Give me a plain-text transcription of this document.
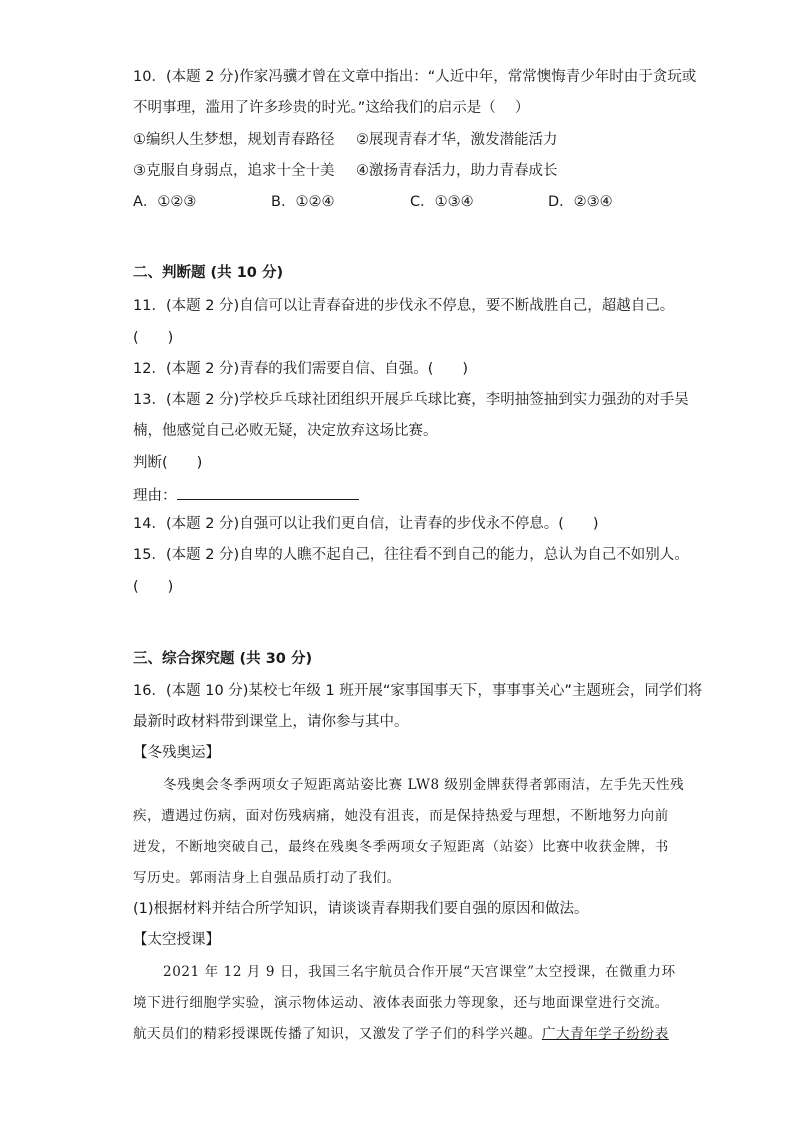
10．(本题 2 分)作家冯骥才曾在文章中指出：“人近中年，常常懊悔青少年时由于贪玩或
不明事理，滥用了许多珍贵的时光。”这给我们的启示是（　 ）
①编织人生梦想，规划青春路径 ②展现青春才华，激发潜能活力
③克服自身弱点，追求十全十美 ④激扬青春活力，助力青春成长
A．①②③	B．①②④	C．①③④	D．②③④
二、判断题 (共 10 分)
11．(本题 2 分)自信可以让青春奋进的步伐永不停息，要不断战胜自己，超越自己。
(　　)
12．(本题 2 分)青春的我们需要自信、自强。(　　)
13．(本题 2 分)学校乒乓球社团组织开展乒乓球比赛，李明抽签抽到实力强劲的对手吴
楠，他感觉自己必败无疑，决定放弃这场比赛。
判断(　　)
理由：
14．(本题 2 分)自强可以让我们更自信，让青春的步伐永不停息。(　　)
15．(本题 2 分)自卑的人瞧不起自己，往往看不到自己的能力，总认为自己不如别人。
(　　)
三、综合探究题 (共 30 分)
16．(本题 10 分)某校七年级 1 班开展“家事国事天下，事事事关心”主题班会，同学们将
最新时政材料带到课堂上，请你参与其中。
【冬残奥运】
冬残奥会冬季两项女子短距离站姿比赛 LW8 级别金牌获得者郭雨洁，左手先天性残
疾，遭遇过伤病，面对伤残病痛，她没有沮丧，而是保持热爱与理想，不断地努力向前
迸发，不断地突破自己，最终在残奥冬季两项女子短距离（站姿）比赛中收获金牌，书
写历史。郭雨洁身上自强品质打动了我们。
(1)根据材料并结合所学知识，请谈谈青春期我们要自强的原因和做法。
【太空授课】
2021 年 12 月 9 日，我国三名宇航员合作开展“天宫课堂”太空授课，在微重力环
境下进行细胞学实验，演示物体运动、液体表面张力等现象，还与地面课堂进行交流。
航天员们的精彩授课既传播了知识，又激发了学子们的科学兴趣。广大青年学子纷纷表
